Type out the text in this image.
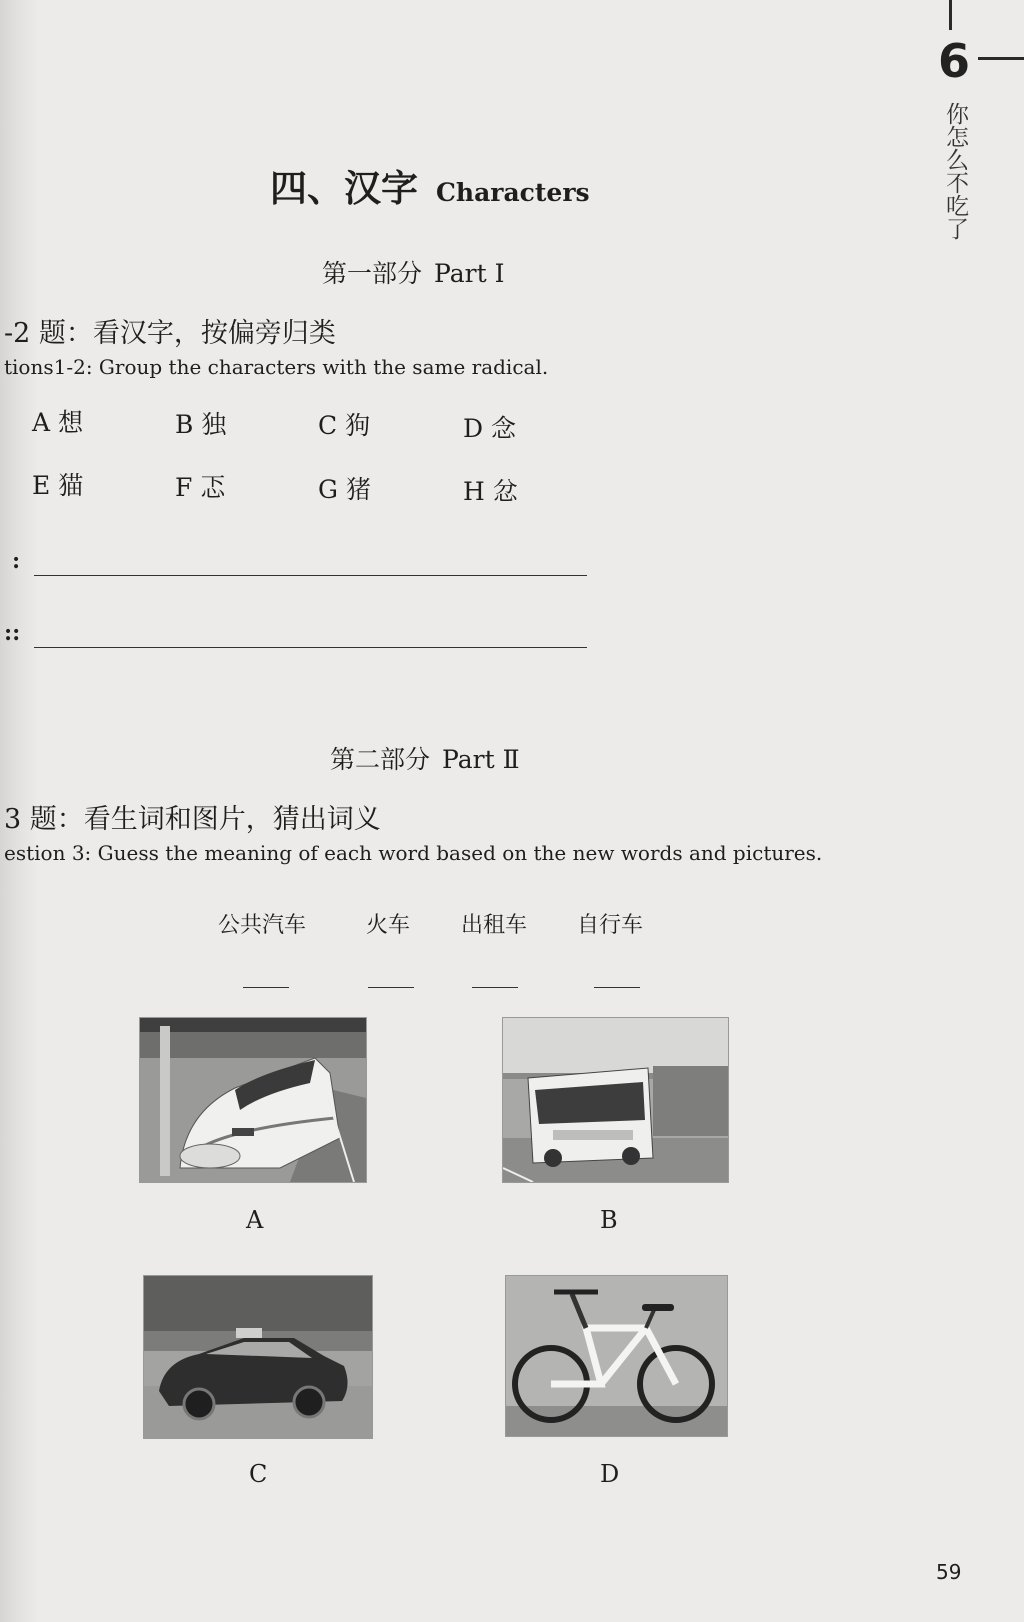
6
你怎么不吃了
四、汉字 Characters
第一部分 Part Ⅰ
-2 题：看汉字，按偏旁归类
tions1-2: Group the characters with the same radical.
A 想	B 独	C 狗	D 念
E 猫	F 忑	G 猪	H 忿
:
::
第二部分 Part Ⅱ
3 题：看生词和图片，猜出词义
estion 3: Guess the meaning of each word based on the new words and pictures.
公共汽车	火车 出租车 自行车
A	B
C	D
59
